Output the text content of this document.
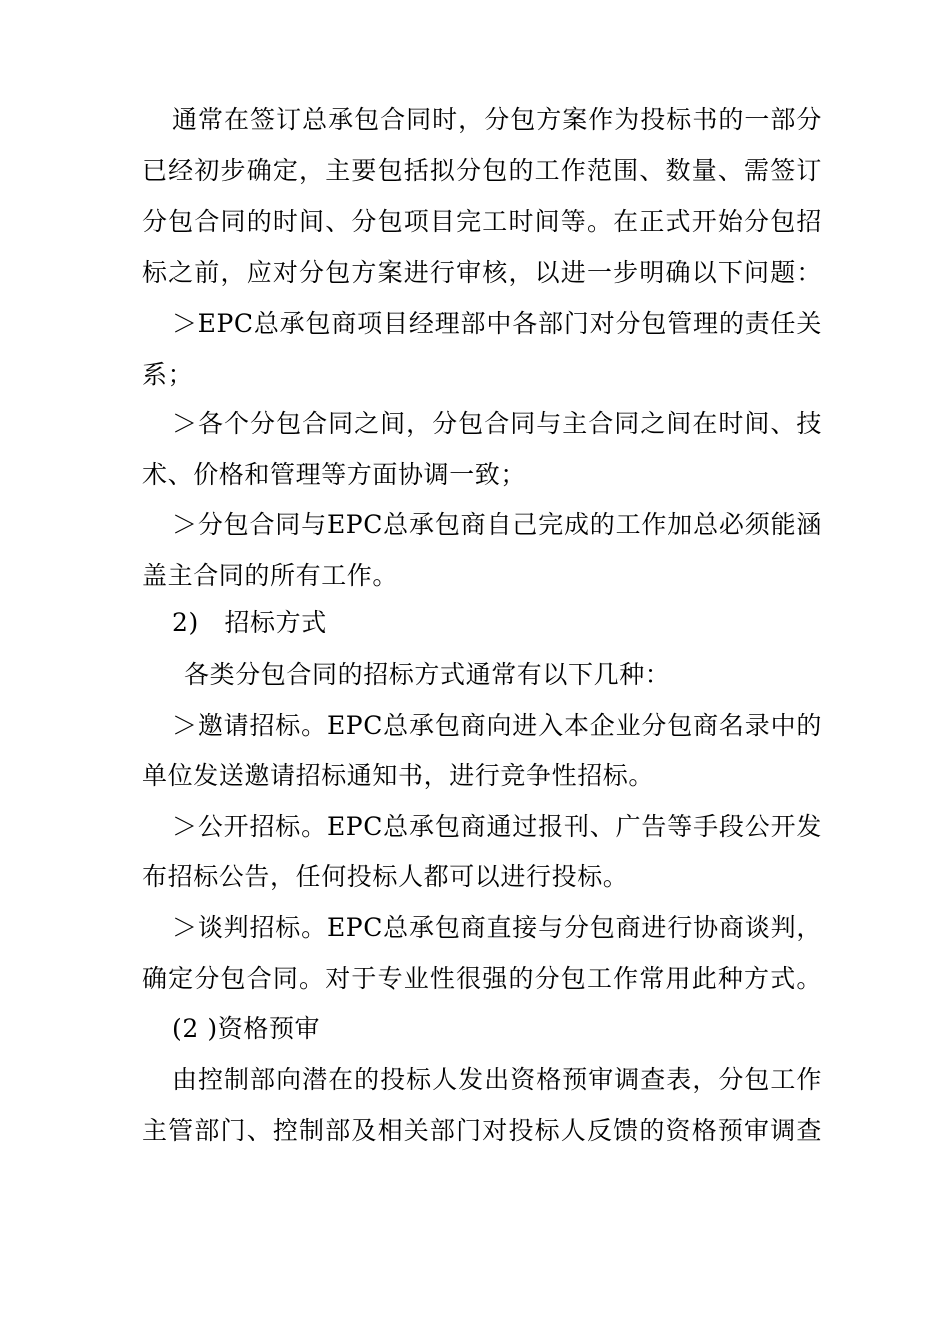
通常在签订总承包合同时，分包方案作为投标书的一部分
已经初步确定，主要包括拟分包的工作范围、数量、需签订
分包合同的时间、分包项目完工时间等。在正式开始分包招
标之前，应对分包方案进行审核，以进一步明确以下问题：
＞EPC总承包商项目经理部中各部门对分包管理的责任关
系；
＞各个分包合同之间，分包合同与主合同之间在时间、技
术、价格和管理等方面协调一致；
＞分包合同与EPC总承包商自己完成的工作加总必须能涵
盖主合同的所有工作。
2)　招标方式
各类分包合同的招标方式通常有以下几种：
＞邀请招标。EPC总承包商向进入本企业分包商名录中的
单位发送邀请招标通知书，进行竞争性招标。
＞公开招标。EPC总承包商通过报刊、广告等手段公开发
布招标公告，任何投标人都可以进行投标。
＞谈判招标。EPC总承包商直接与分包商进行协商谈判，
确定分包合同。对于专业性很强的分包工作常用此种方式。
(2 )资格预审
由控制部向潜在的投标人发出资格预审调查表，分包工作
主管部门、控制部及相关部门对投标人反馈的资格预审调查
